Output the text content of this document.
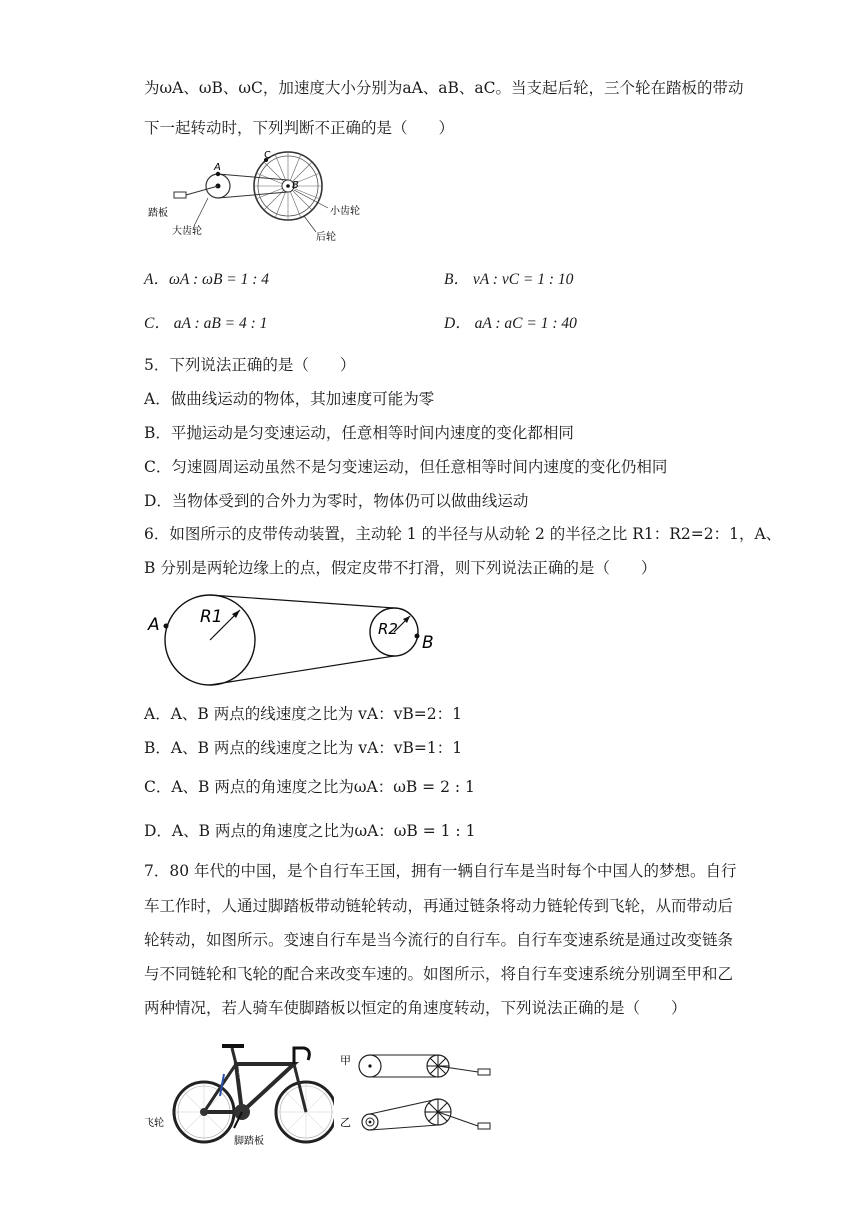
为ωA、ωB、ωC，加速度大小分别为aA、aB、aC。当支起后轮，三个轮在踏板的带动
下一起转动时，下列判断不正确的是（　　）
A
C
B
踏板
大齿轮
小齿轮
后轮
A．ωA : ωB = 1 : 4	B． vA : vC = 1 : 10
C． aA : aB = 4 : 1	D． aA : aC = 1 : 40
5．下列说法正确的是（　　）
A．做曲线运动的物体，其加速度可能为零
B．平抛运动是匀变速运动，任意相等时间内速度的变化都相同
C．匀速圆周运动虽然不是匀变速运动，但任意相等时间内速度的变化仍相同
D．当物体受到的合外力为零时，物体仍可以做曲线运动
6．如图所示的皮带传动装置，主动轮 1 的半径与从动轮 2 的半径之比 R1：R2=2：1，A、
B 分别是两轮边缘上的点，假定皮带不打滑，则下列说法正确的是（　　）
A
B
R1
R2
A．A、B 两点的线速度之比为 vA：vB=2：1
B．A、B 两点的线速度之比为 vA：vB=1：1
C．A、B 两点的角速度之比为ωA：ωB = 2 : 1
D．A、B 两点的角速度之比为ωA：ωB = 1 : 1
7．80 年代的中国，是个自行车王国，拥有一辆自行车是当时每个中国人的梦想。自行
车工作时，人通过脚踏板带动链轮转动，再通过链条将动力链轮传到飞轮，从而带动后
轮转动，如图所示。变速自行车是当今流行的自行车。自行车变速系统是通过改变链条
与不同链轮和飞轮的配合来改变车速的。如图所示，将自行车变速系统分别调至甲和乙
两种情况，若人骑车使脚踏板以恒定的角速度转动，下列说法正确的是（　　）
链轮
飞轮
脚踏板
甲
乙
